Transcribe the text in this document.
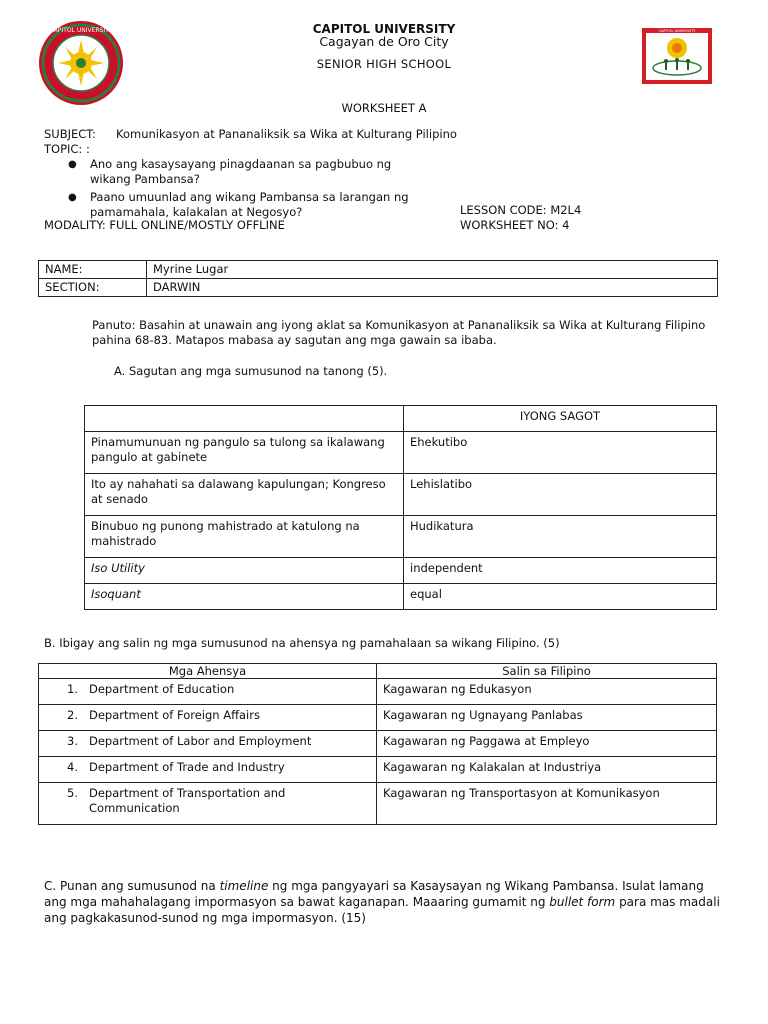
CAPITOL UNIVERSITY	CAPITOL UNIVERSITY
Cagayan de Oro City
SENIOR HIGH SCHOOL
CAPITOL UNIVERSITY
WORKSHEET A
SUBJECT: Komunikasyon at Pananaliksik sa Wika at Kulturang Pilipino
TOPIC: :
● Ano ang kasaysayang pinagdaanan sa pagbubuo ng wikang Pambansa?
● Paano umuunlad ang wikang Pambansa sa larangan ng pamamahala, kalakalan at Negosyo?	LESSON CODE: M2L4
MODALITY: FULL ONLINE/MOSTLY OFFLINE	WORKSHEET NO: 4
NAME:	Myrine Lugar
SECTION:	DARWIN
Panuto: Basahin at unawain ang iyong aklat sa Komunikasyon at Pananaliksik sa Wika at Kulturang Filipino pahina 68-83. Matapos mabasa ay sagutan ang mga gawain sa ibaba.
A. Sagutan ang mga sumusunod na tanong (5).
	IYONG SAGOT
Pinamumunuan ng pangulo sa tulong sa ikalawang pangulo at gabinete	Ehekutibo
Ito ay nahahati sa dalawang kapulungan; Kongreso at senado	Lehislatibo
Binubuo ng punong mahistrado at katulong na mahistrado	Hudikatura
Iso Utility	independent
Isoquant	equal
B. Ibigay ang salin ng mga sumusunod na ahensya ng pamahalaan sa wikang Filipino. (5)
Mga Ahensya	Salin sa Filipino
1. Department of Education	Kagawaran ng Edukasyon
2. Department of Foreign Affairs	Kagawaran ng Ugnayang Panlabas
3. Department of Labor and Employment	Kagawaran ng Paggawa at Empleyo
4. Department of Trade and Industry	Kagawaran ng Kalakalan at Industriya

5. Department of Transportation and Communication	Kagawaran ng Transportasyon at Komunikasyon
C. Punan ang sumusunod na timeline ng mga pangyayari sa Kasaysayan ng Wikang Pambansa. Isulat lamang ang mga mahahalagang impormasyon sa bawat kaganapan. Maaaring gumamit ng bullet form para mas madali ang pagkakasunod-sunod ng mga impormasyon. (15)
